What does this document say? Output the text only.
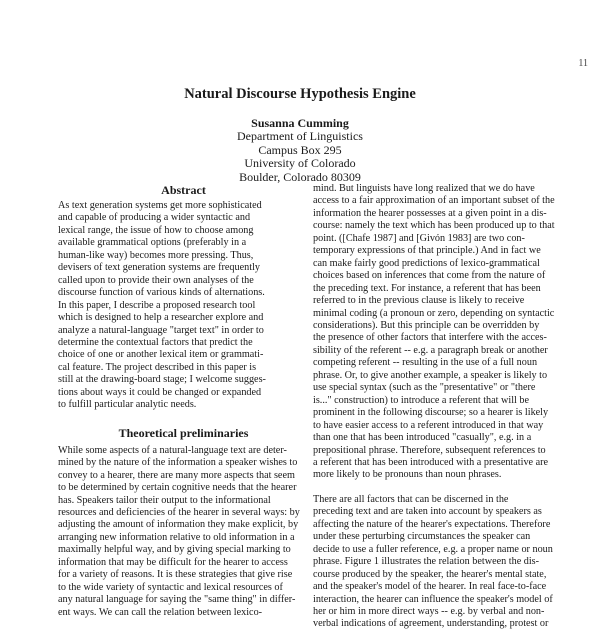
11
Natural Discourse Hypothesis Engine
Susanna Cumming
Department of Linguistics
Campus Box 295
University of Colorado
Boulder, Colorado 80309
Abstract
As text generation systems get more sophisticated
and capable of producing a wider syntactic and
lexical range, the issue of how to choose among
available grammatical options (preferably in a
human-like way) becomes more pressing. Thus,
devisers of text generation systems are frequently
called upon to provide their own analyses of the
discourse function of various kinds of alternations.
In this paper, I describe a proposed research tool
which is designed to help a researcher explore and
analyze a natural-language "target text" in order to
determine the contextual factors that predict the
choice of one or another lexical item or grammati-
cal feature. The project described in this paper is
still at the drawing-board stage; I welcome sugges-
tions about ways it could be changed or expanded
to fulfill particular analytic needs.
Theoretical preliminaries
While some aspects of a natural-language text are deter-
mined by the nature of the information a speaker wishes to
convey to a hearer, there are many more aspects that seem
to be determined by certain cognitive needs that the hearer
has. Speakers tailor their output to the informational
resources and deficiencies of the hearer in several ways: by
adjusting the amount of information they make explicit, by
arranging new information relative to old information in a
maximally helpful way, and by giving special marking to
information that may be difficult for the hearer to access
for a variety of reasons. It is these strategies that give rise
to the wide variety of syntactic and lexical resources of
any natural language for saying the "same thing" in differ-
ent ways. We can call the relation between lexico-
mind. But linguists have long realized that we do have
access to a fair approximation of an important subset of the
information the hearer possesses at a given point in a dis-
course: namely the text which has been produced up to that
point. ([Chafe 1987] and [Givón 1983] are two con-
temporary expressions of that principle.) And in fact we
can make fairly good predictions of lexico-grammatical
choices based on inferences that come from the nature of
the preceding text. For instance, a referent that has been
referred to in the previous clause is likely to receive
minimal coding (a pronoun or zero, depending on syntactic
considerations). But this principle can be overridden by
the presence of other factors that interfere with the acces-
sibility of the referent -- e.g. a paragraph break or another
competing referent -- resulting in the use of a full noun
phrase. Or, to give another example, a speaker is likely to
use special syntax (such as the "presentative" or "there
is..." construction) to introduce a referent that will be
prominent in the following discourse; so a hearer is likely
to have easier access to a referent introduced in that way
than one that has been introduced "casually", e.g. in a
prepositional phrase. Therefore, subsequent references to
a referent that has been introduced with a presentative are
more likely to be pronouns than noun phrases.
There are all factors that can be discerned in the
preceding text and are taken into account by speakers as
affecting the nature of the hearer's expectations. Therefore
under these perturbing circumstances the speaker can
decide to use a fuller reference, e.g. a proper name or noun
phrase. Figure 1 illustrates the relation between the dis-
course produced by the speaker, the hearer's mental state,
and the speaker's model of the hearer. In real face-to-face
interaction, the hearer can influence the speaker's model of
her or him in more direct ways -- e.g. by verbal and non-
verbal indications of agreement, understanding, protest or
